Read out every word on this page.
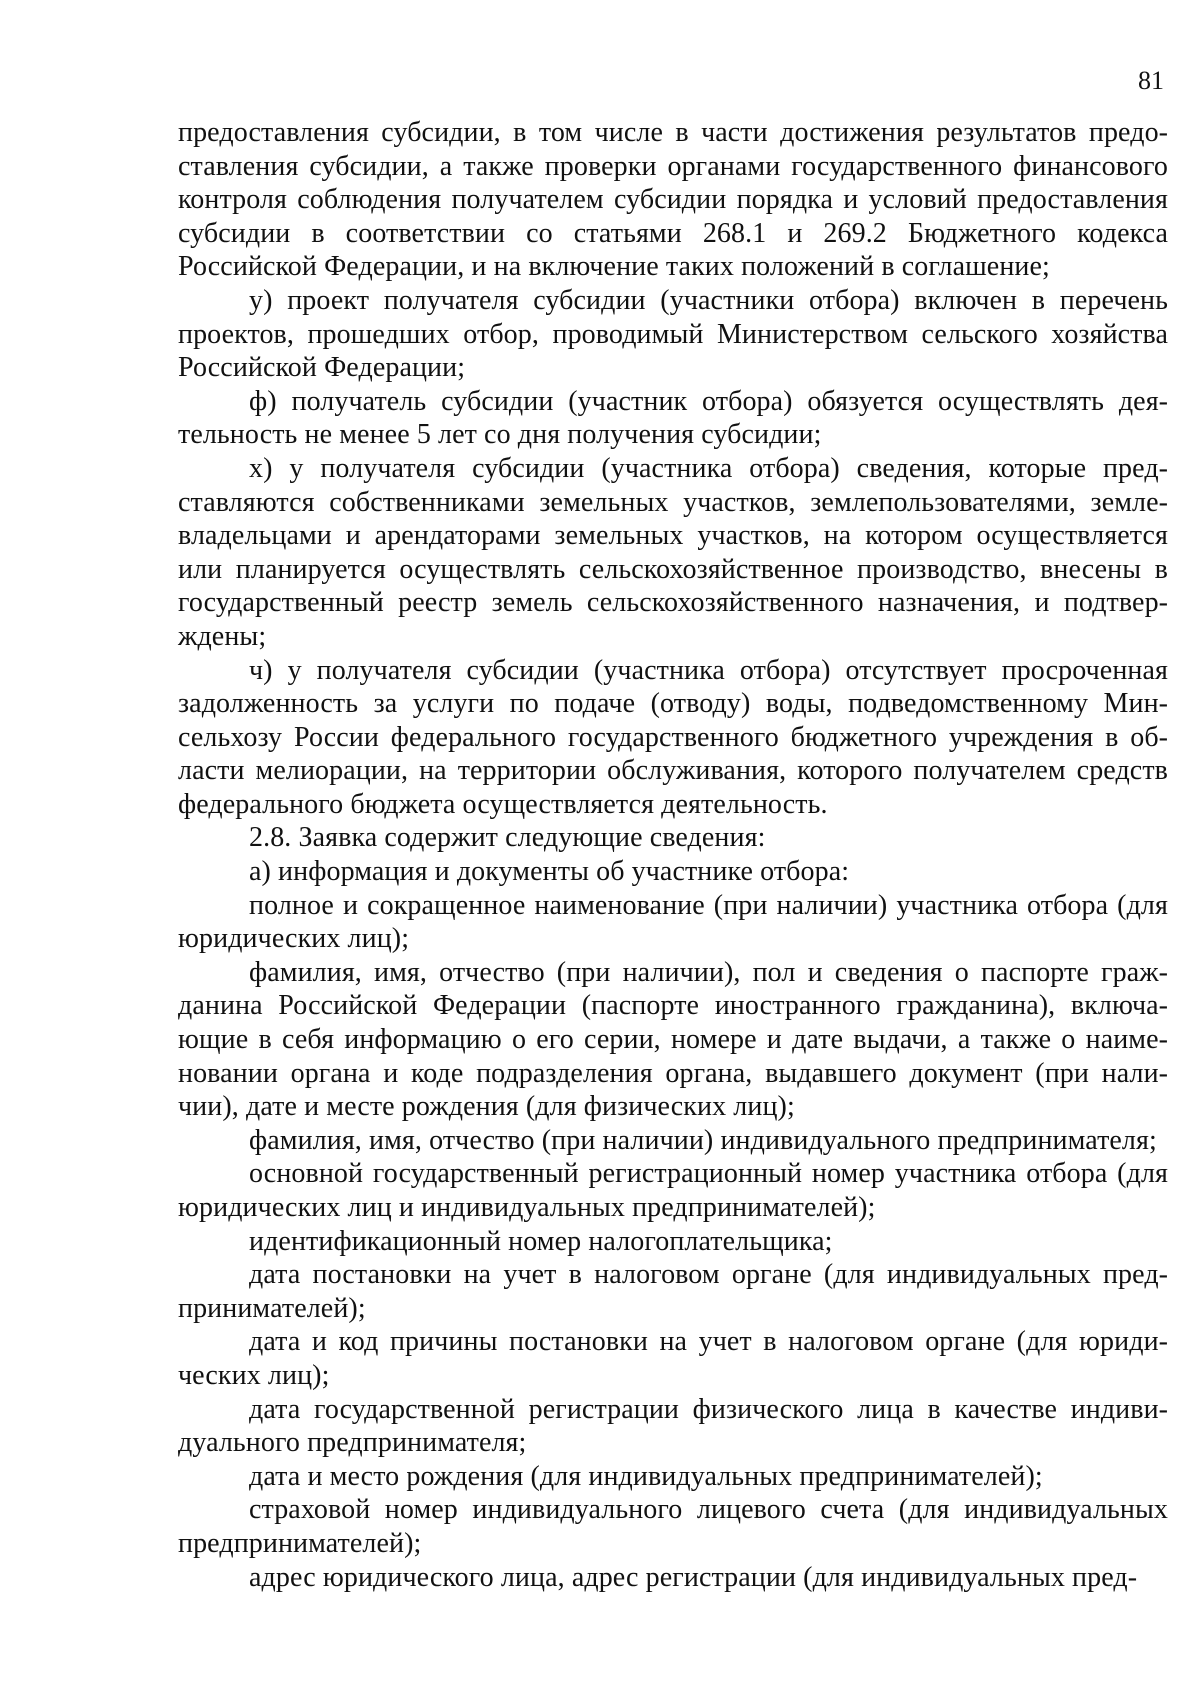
81

предоставления субсидии, в том числе в части достижения результатов предоставления субсидии, а также проверки органами государственного финансового контроля соблюдения получателем субсидии порядка и условий предоставления субсидии в соответствии со статьями 268.1 и 269.2 Бюджетного кодекса Российской Федерации, и на включение таких положений в соглашение;

у) проект получателя субсидии (участники отбора) включен в перечень проектов, прошедших отбор, проводимый Министерством сельского хозяйства Российской Федерации;

ф) получатель субсидии (участник отбора) обязуется осуществлять деятельность не менее 5 лет со дня получения субсидии;

х) у получателя субсидии (участника отбора) сведения, которые представляются собственниками земельных участков, землепользователями, землевладельцами и арендаторами земельных участков, на котором осуществляется или планируется осуществлять сельскохозяйственное производство, внесены в государственный реестр земель сельскохозяйственного назначения, и подтверждены;

ч) у получателя субсидии (участника отбора) отсутствует просроченная задолженность за услуги по подаче (отводу) воды, подведомственному Минсельхозу России федерального государственного бюджетного учреждения в области мелиорации, на территории обслуживания, которого получателем средств федерального бюджета осуществляется деятельность.

2.8. Заявка содержит следующие сведения:

а) информация и документы об участнике отбора:

полное и сокращенное наименование (при наличии) участника отбора (для юридических лиц);

фамилия, имя, отчество (при наличии), пол и сведения о паспорте гражданина Российской Федерации (паспорте иностранного гражданина), включающие в себя информацию о его серии, номере и дате выдачи, а также о наименовании органа и коде подразделения органа, выдавшего документ (при наличии), дате и месте рождения (для физических лиц);

фамилия, имя, отчество (при наличии) индивидуального предпринимателя;

основной государственный регистрационный номер участника отбора (для юридических лиц и индивидуальных предпринимателей);

идентификационный номер налогоплательщика;

дата постановки на учет в налоговом органе (для индивидуальных предпринимателей);

дата и код причины постановки на учет в налоговом органе (для юридических лиц);

дата государственной регистрации физического лица в качестве индивидуального предпринимателя;

дата и место рождения (для индивидуальных предпринимателей);

страховой номер индивидуального лицевого счета (для индивидуальных предпринимателей);

адрес юридического лица, адрес регистрации (для индивидуальных пред-
